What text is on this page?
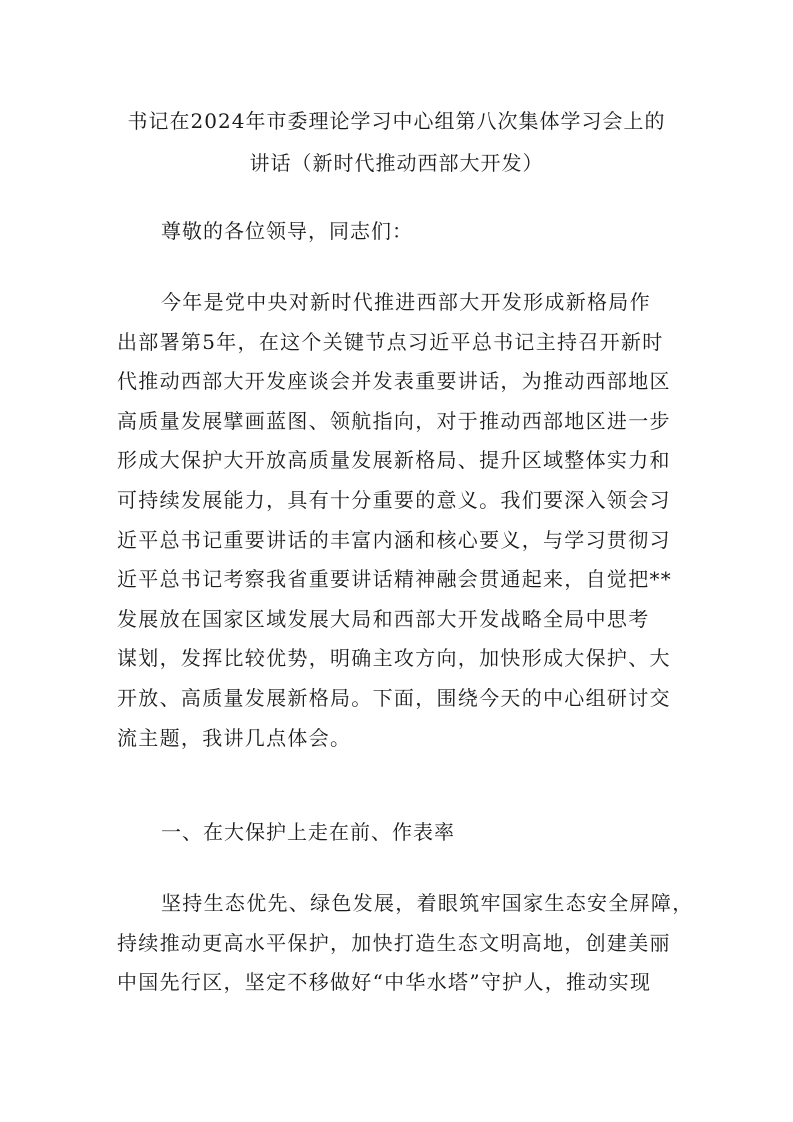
书记在2024年市委理论学习中心组第八次集体学习会上的
讲话（新时代推动西部大开发）

尊敬的各位领导，同志们：

今年是党中央对新时代推进西部大开发形成新格局作
出部署第5年，在这个关键节点习近平总书记主持召开新时
代推动西部大开发座谈会并发表重要讲话，为推动西部地区
高质量发展擘画蓝图、领航指向，对于推动西部地区进一步
形成大保护大开放高质量发展新格局、提升区域整体实力和
可持续发展能力，具有十分重要的意义。我们要深入领会习
近平总书记重要讲话的丰富内涵和核心要义，与学习贯彻习
近平总书记考察我省重要讲话精神融会贯通起来，自觉把**
发展放在国家区域发展大局和西部大开发战略全局中思考
谋划，发挥比较优势，明确主攻方向，加快形成大保护、大
开放、高质量发展新格局。下面，围绕今天的中心组研讨交
流主题，我讲几点体会。
一、在大保护上走在前、作表率
坚持生态优先、绿色发展，着眼筑牢国家生态安全屏障，
持续推动更高水平保护，加快打造生态文明高地，创建美丽
中国先行区，坚定不移做好“中华水塔”守护人，推动实现
